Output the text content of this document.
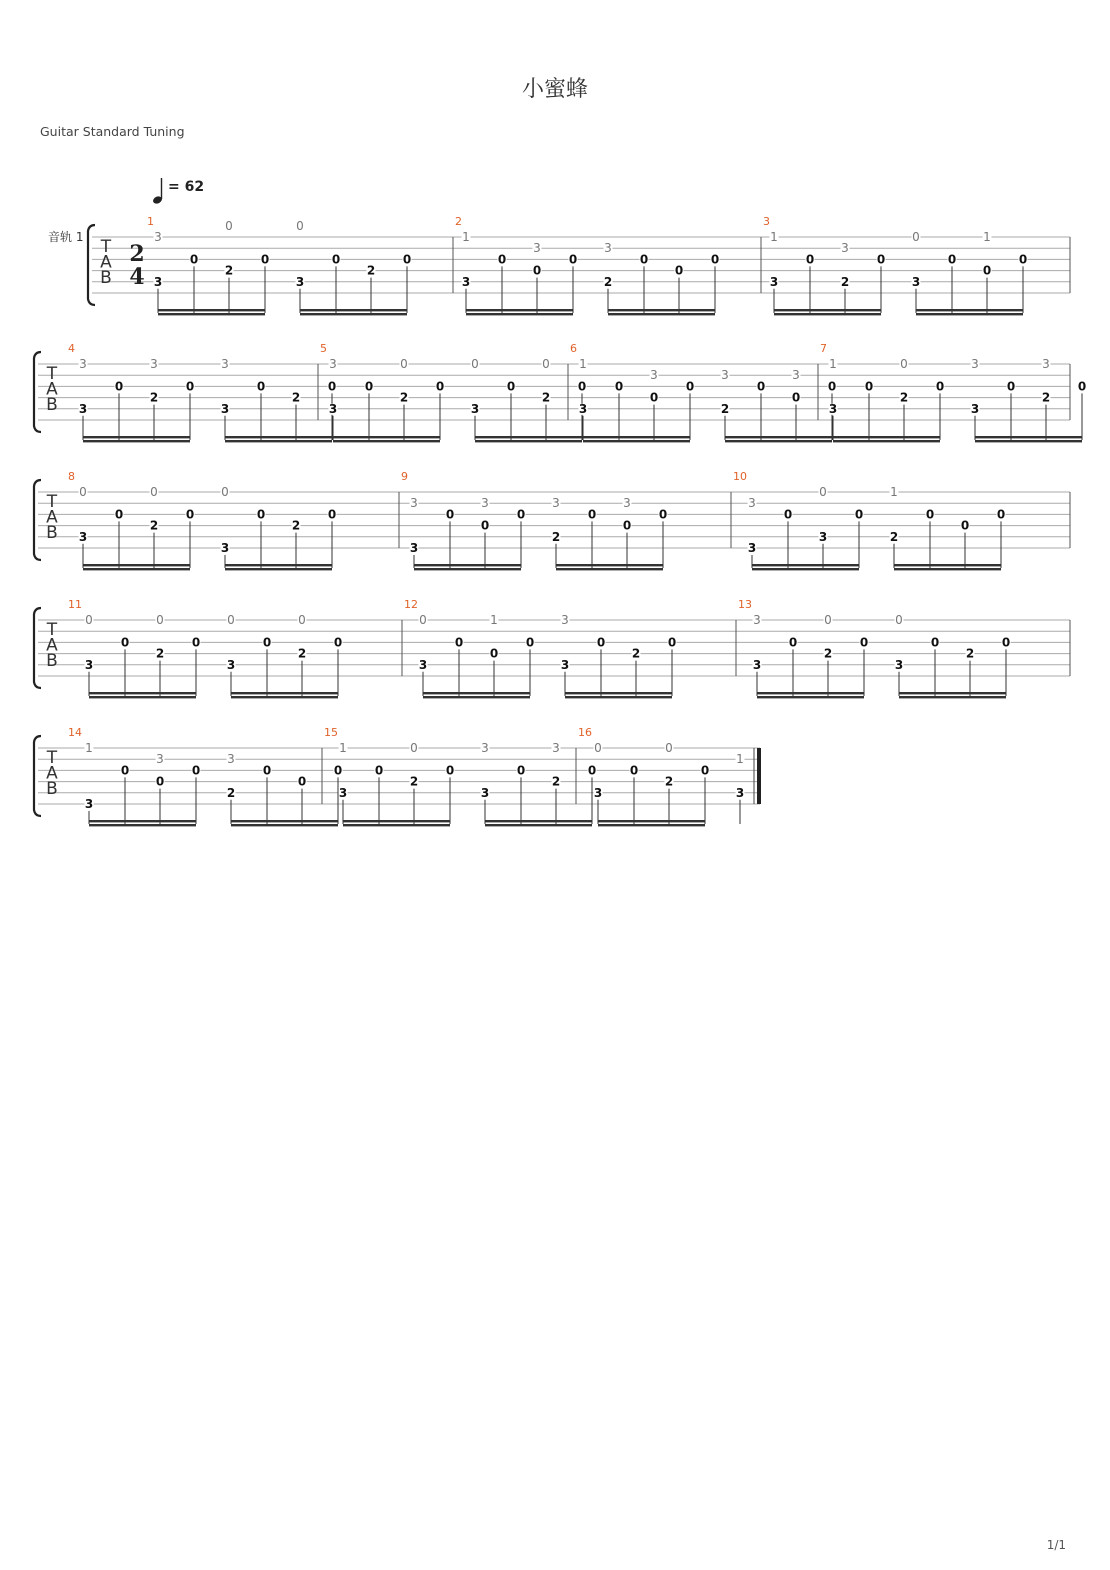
小蜜蜂
Guitar Standard Tuning
= 62
音轨 1
1/1
T
A
B
2
4
1
3
3
0
0
2
0
0
3
0
2
0
2
1
3
0
3
0
0
3
2
0
0
0
3
1
3
0
3
2
0
0
3
0
1
0
0
T
A
B
4
3
3
0
3
2
0
3
3
0
2
0
5
3
3
0
0
2
0
0
3
0
0
2
0
6
1
3
0
3
0
0
3
2
0
3
0
0
7
1
3
0
0
2
0
3
3
0
3
2
0
T
A
B
8
0
3
0
0
2
0
0
3
0
2
0
9
3
3
0
3
0
0
3
2
0
3
0
0
10
3
3
0
0
3
0
1
2
0
0
0
T
A
B
11
0
3
0
0
2
0
0
3
0
0
2
0
12
0
3
0
1
0
0
3
3
0
2
0
13
3
3
0
0
2
0
0
3
0
2
0
T
A
B
14
1
3
0
3
0
0
3
2
0
0
0
15
1
3
0
0
2
0
3
3
0
3
2
0
16
0
3
0
0
2
0
1
3
